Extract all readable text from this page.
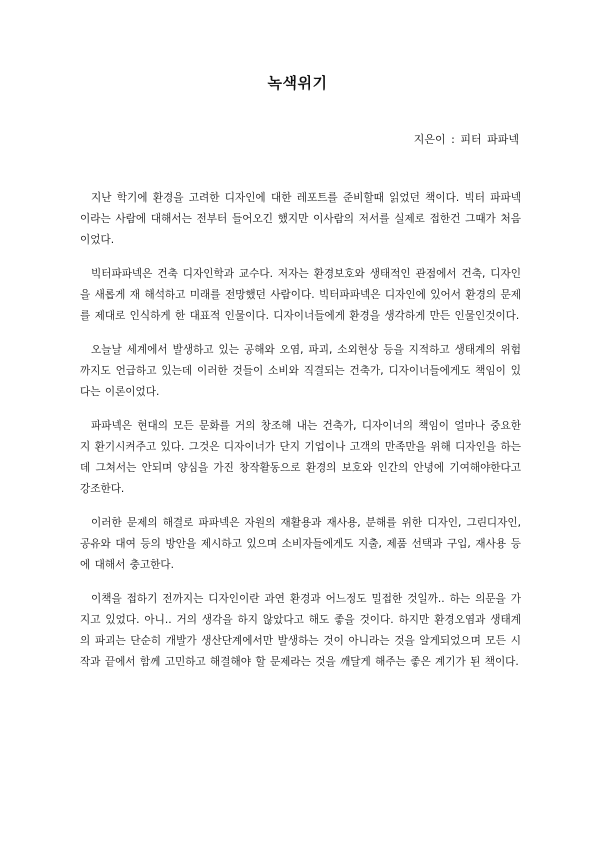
녹색위기

지은이 : 피터 파파넥

지난 학기에 환경을 고려한 디자인에 대한 레포트를 준비할때 읽었던 책이다. 빅터 파파넥이라는 사람에 대해서는 전부터 들어오긴 했지만 이사람의 저서를 실제로 접한건 그때가 처음이었다.

빅터파파넥은 건축 디자인학과 교수다. 저자는 환경보호와 생태적인 관점에서 건축, 디자인을 새롭게 재 해석하고 미래를 전망했던 사람이다. 빅터파파넥은 디자인에 있어서 환경의 문제를 제대로 인식하게 한 대표적 인물이다. 디자이너들에게 환경을 생각하게 만든 인물인것이다.

오늘날 세계에서 발생하고 있는 공해와 오염, 파괴, 소외현상 등을 지적하고 생태계의 위험까지도 언급하고 있는데 이러한 것들이 소비와 직결되는 건축가, 디자이너들에게도 책임이 있다는 이론이었다.

파파넥은 현대의 모든 문화를 거의 창조해 내는 건축가, 디자이너의 책임이 얼마나 중요한지 환기시켜주고 있다. 그것은 디자이너가 단지 기업이나 고객의 만족만을 위해 디자인을 하는데 그쳐서는 안되며 양심을 가진 창작활동으로 환경의 보호와 인간의 안녕에 기여해야한다고 강조한다.

이러한 문제의 해결로 파파넥은 자원의 재활용과 재사용, 분해를 위한 디자인, 그린디자인, 공유와 대여 등의 방안을 제시하고 있으며 소비자들에게도 지출, 제품 선택과 구입, 재사용 등에 대해서 충고한다.

이책을 접하기 전까지는 디자인이란 과연 환경과 어느정도 밀접한 것일까.. 하는 의문을 가지고 있었다. 아니.. 거의 생각을 하지 않았다고 해도 좋을 것이다. 하지만 환경오염과 생태계의 파괴는 단순히 개발가 생산단계에서만 발생하는 것이 아니라는 것을 알게되었으며 모든 시작과 끝에서 함께 고민하고 해결해야 할 문제라는 것을 깨달게 해주는 좋은 계기가 된 책이다.
